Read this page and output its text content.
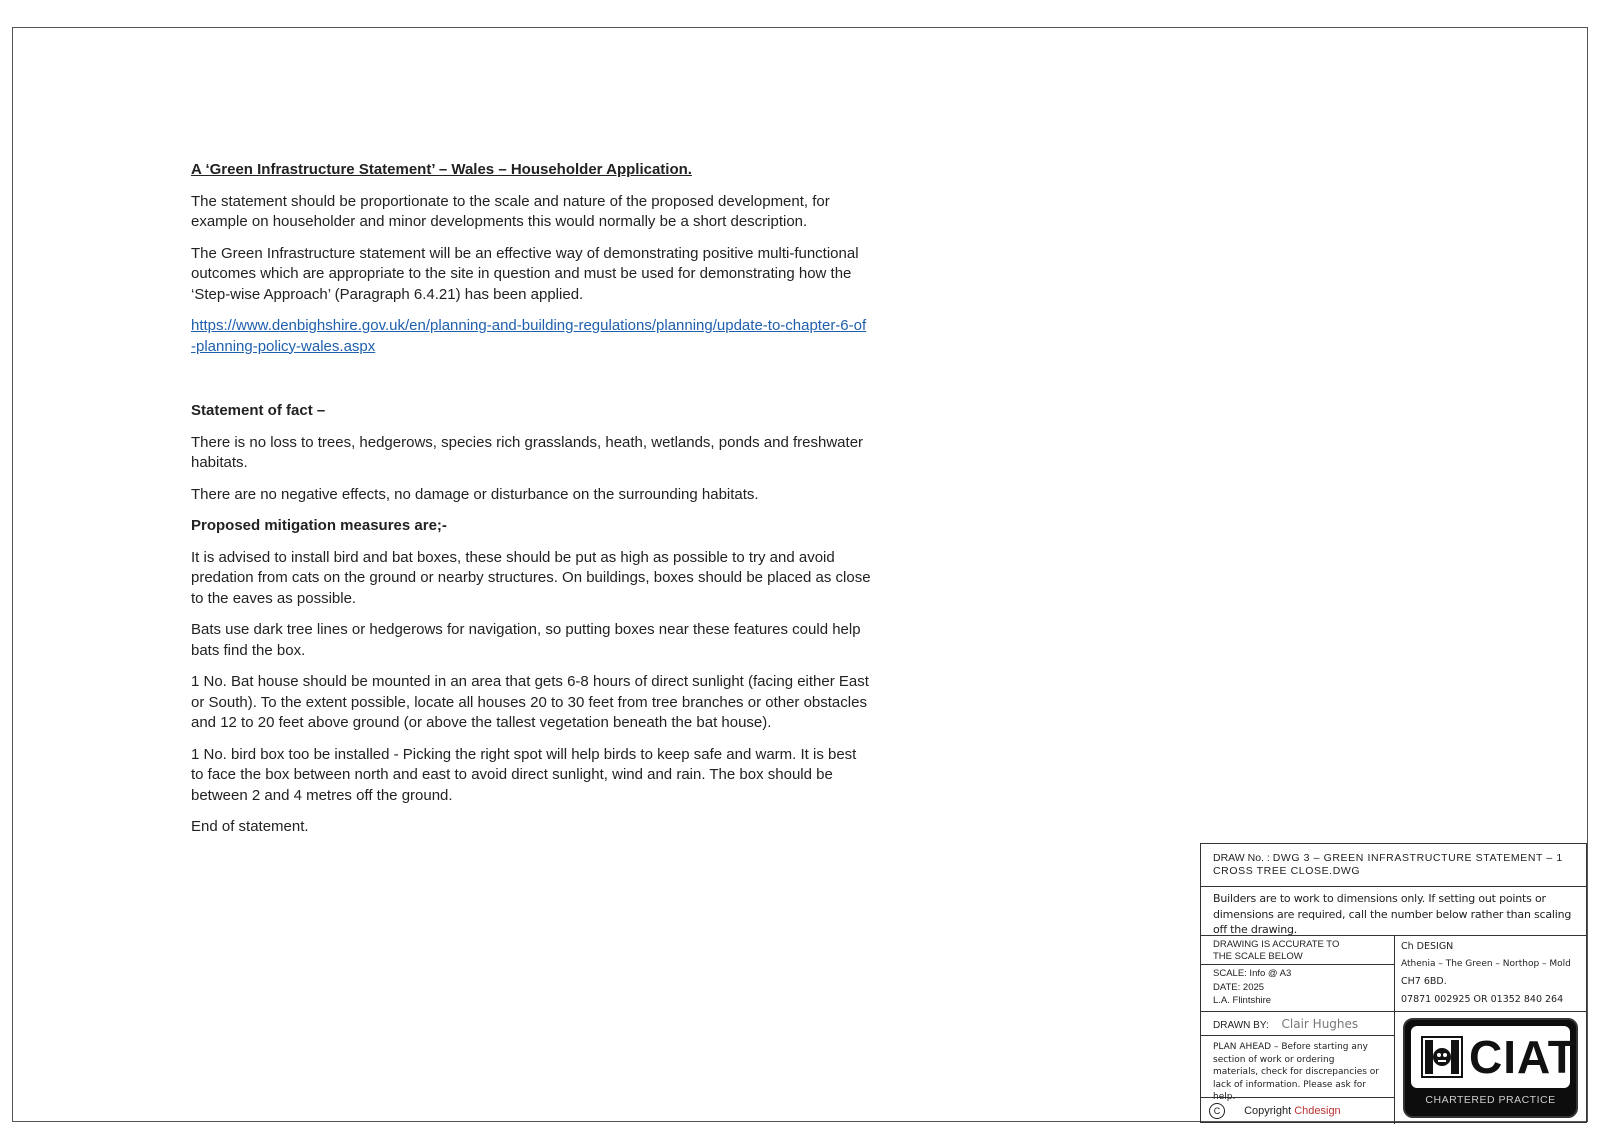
A ‘Green Infrastructure Statement’ – Wales – Householder Application.

The statement should be proportionate to the scale and nature of the proposed development, for example on householder and minor developments this would normally be a short description.

The Green Infrastructure statement will be an effective way of demonstrating positive multi-functional outcomes which are appropriate to the site in question and must be used for demonstrating how the ‘Step-wise Approach’ (Paragraph 6.4.21) has been applied.

https://www.denbighshire.gov.uk/en/planning-and-building-regulations/planning/update-to-chapter-6-of-planning-policy-wales.aspx

Statement of fact –

There is no loss to trees, hedgerows, species rich grasslands, heath, wetlands, ponds and freshwater habitats.

There are no negative effects, no damage or disturbance on the surrounding habitats.

Proposed mitigation measures are;-

It is advised to install bird and bat boxes, these should be put as high as possible to try and avoid predation from cats on the ground or nearby structures. On buildings, boxes should be placed as close to the eaves as possible.

Bats use dark tree lines or hedgerows for navigation, so putting boxes near these features could help bats find the box.

1 No. Bat house should be mounted in an area that gets 6-8 hours of direct sunlight (facing either East or South). To the extent possible, locate all houses 20 to 30 feet from tree branches or other obstacles and 12 to 20 feet above ground (or above the tallest vegetation beneath the bat house).

1 No. bird box too be installed - Picking the right spot will help birds to keep safe and warm. It is best to face the box between north and east to avoid direct sunlight, wind and rain. The box should be between 2 and 4 metres off the ground.

End of statement.

DRAW No. : DWG 3 – GREEN INFRASTRUCTURE STATEMENT – 1 CROSS TREE CLOSE.DWG
Builders are to work to dimensions only. If setting out points or dimensions are required, call the number below rather than scaling off the drawing.
DRAWING IS ACCURATE TO
THE SCALE BELOW
SCALE: Info @ A3
DATE: 2025
L.A. Flintshire
DRAWN BY: Clair Hughes
PLAN AHEAD – Before starting any section of work or ordering materials, check for discrepancies or lack of information. Please ask for help.
C Copyright Chdesign
Ch DESIGN
Athenia – The Green – Northop – Mold
CH7 6BD.
07871 002925 OR 01352 840 264
CIAT
CHARTERED PRACTICE
